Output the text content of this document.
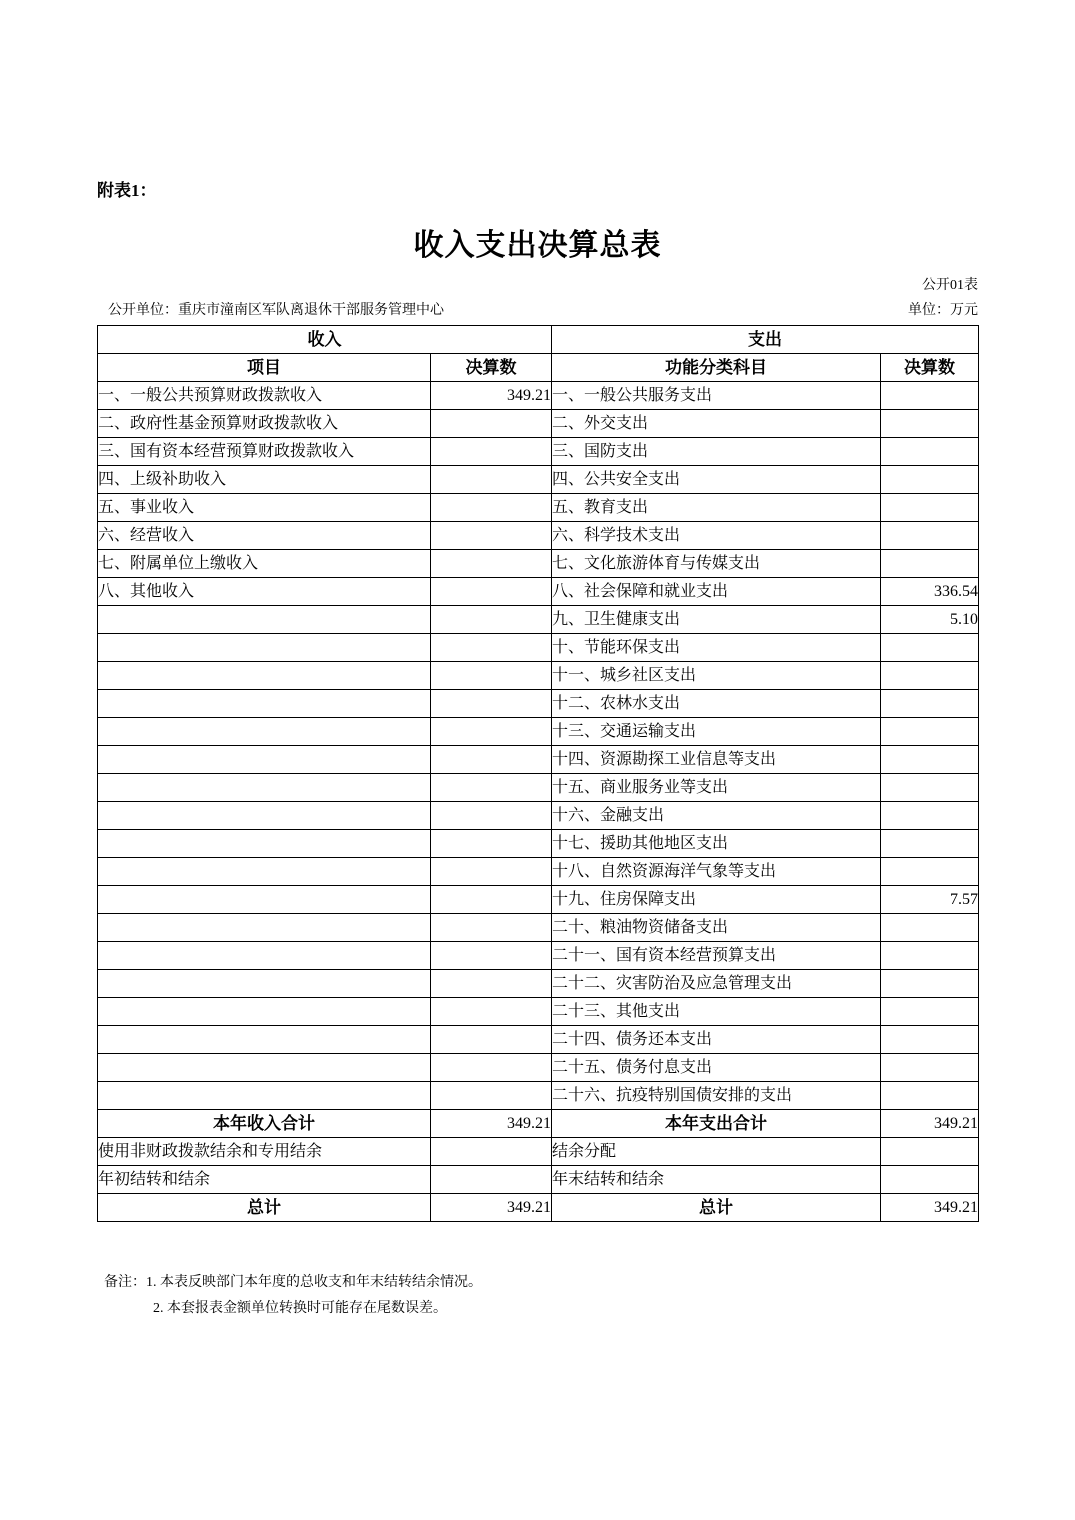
附表1：
收入支出决算总表
公开01表
公开单位：重庆市潼南区军队离退休干部服务管理中心	单位：万元
收入		支出	
项目	决算数	功能分类科目	决算数
一、一般公共预算财政拨款收入	349.21	一、一般公共服务支出	
二、政府性基金预算财政拨款收入		二、外交支出	
三、国有资本经营预算财政拨款收入		三、国防支出	
四、上级补助收入		四、公共安全支出	
五、事业收入		五、教育支出	
六、经营收入		六、科学技术支出	
七、附属单位上缴收入		七、文化旅游体育与传媒支出	
八、其他收入		八、社会保障和就业支出	336.54
		九、卫生健康支出	5.10
		十、节能环保支出	
		十一、城乡社区支出	
		十二、农林水支出	
		十三、交通运输支出	
		十四、资源勘探工业信息等支出	
		十五、商业服务业等支出	
		十六、金融支出	
		十七、援助其他地区支出	
		十八、自然资源海洋气象等支出	
		十九、住房保障支出	7.57
		二十、粮油物资储备支出	
		二十一、国有资本经营预算支出	
		二十二、灾害防治及应急管理支出	
		二十三、其他支出	
		二十四、债务还本支出	
		二十五、债务付息支出	
		二十六、抗疫特别国债安排的支出	
本年收入合计	349.21	本年支出合计	349.21
使用非财政拨款结余和专用结余		结余分配	
年初结转和结余		年末结转和结余	
总计	349.21	总计	349.21
备注：1. 本表反映部门本年度的总收支和年末结转结余情况。
2. 本套报表金额单位转换时可能存在尾数误差。
